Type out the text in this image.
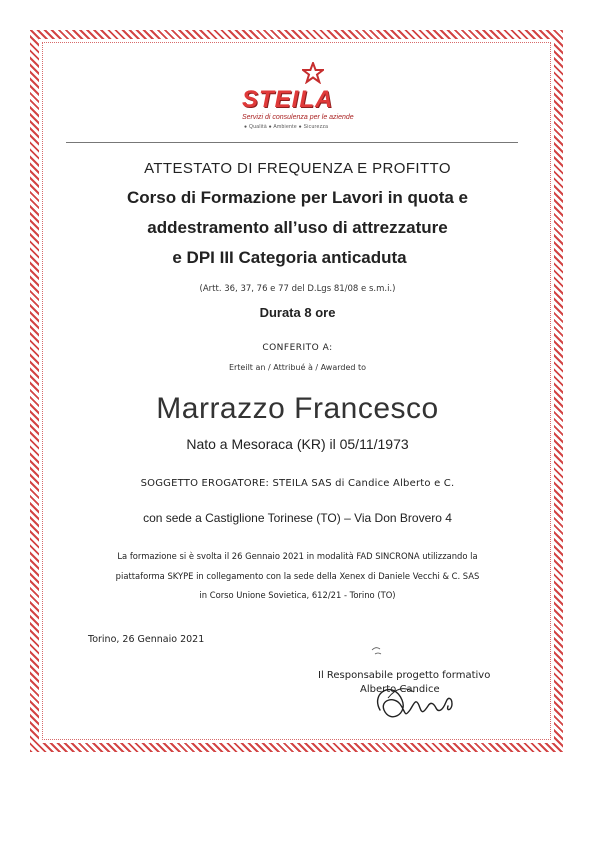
STEILA
Servizi di consulenza per le aziende
● Qualità ● Ambiente ● Sicurezza
ATTESTATO DI FREQUENZA E PROFITTO
Corso di Formazione per Lavori in quota e
addestramento all’uso di attrezzature
e DPI III Categoria anticaduta
(Artt. 36, 37, 76 e 77 del D.Lgs 81/08 e s.m.i.)
Durata 8 ore
CONFERITO A:
Erteilt an / Attribué à / Awarded to
Marrazzo Francesco
Nato a Mesoraca (KR) il 05/11/1973
SOGGETTO EROGATORE: STEILA SAS di Candice Alberto e C.
con sede a Castiglione Torinese (TO) – Via Don Brovero 4
La formazione si è svolta il 26 Gennaio 2021 in modalità FAD SINCRONA utilizzando la
piattaforma SKYPE in collegamento con la sede della Xenex di Daniele Vecchi & C. SAS
in Corso Unione Sovietica, 612/21 - Torino (TO)
Torino, 26 Gennaio 2021
Il Responsabile progetto formativo
Alberto Candice
